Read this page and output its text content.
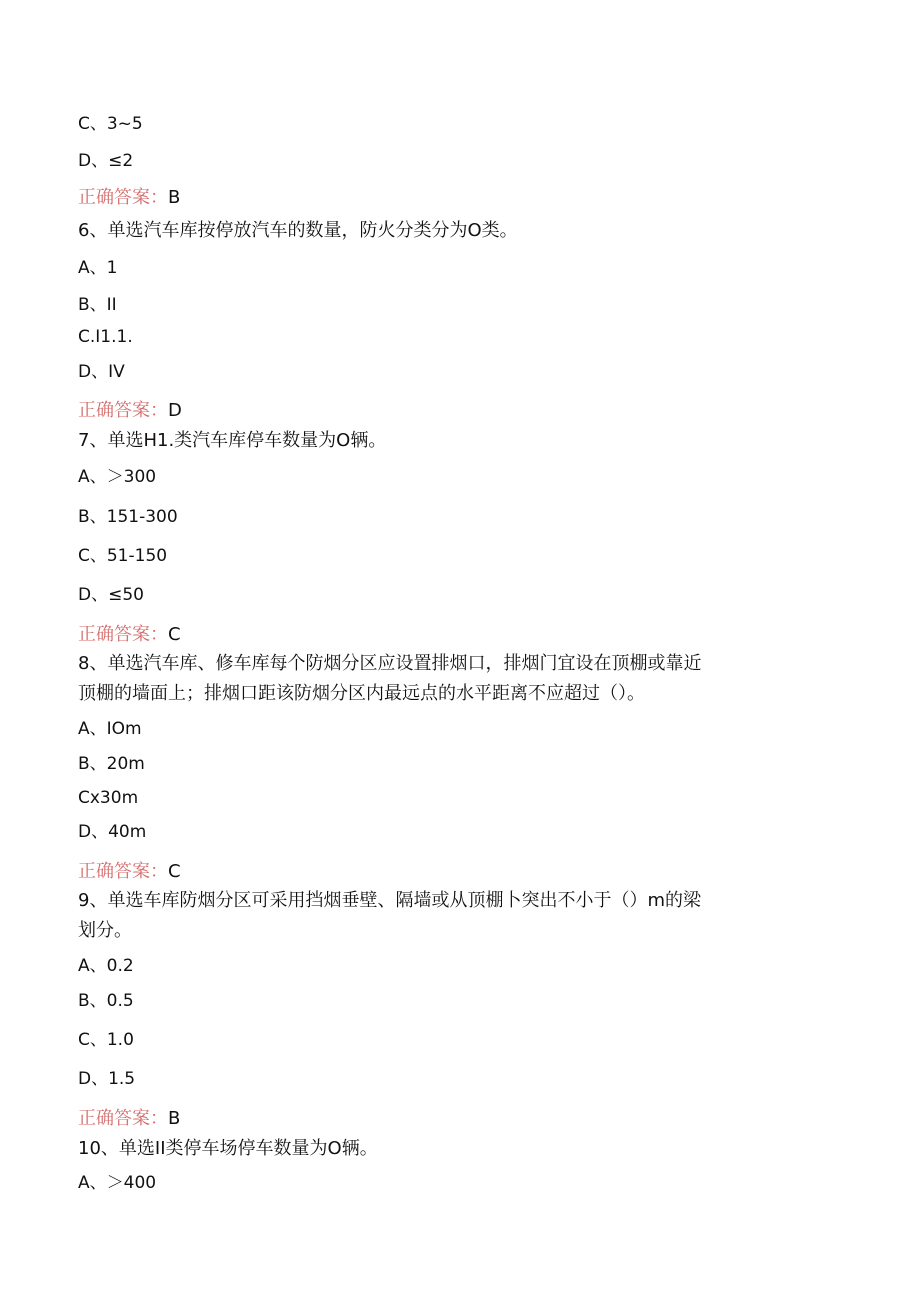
C、3~5
D、≤2
正确答案：B
6、单选汽车库按停放汽车的数量，防火分类分为O类。
A、1
B、II
C.I1.1.
D、IV
正确答案：D
7、单选H1.类汽车库停车数量为O辆。
A、＞300
B、151-300
C、51-150
D、≤50
正确答案：C
8、单选汽车库、修车库每个防烟分区应设置排烟口，排烟门宜设在顶棚或靠近
顶棚的墙面上；排烟口距该防烟分区内最远点的水平距离不应超过（）。
A、IOm
B、20m
Cx30m
D、40m
正确答案：C
9、单选车库防烟分区可采用挡烟垂壁、隔墙或从顶棚卜突出不小于（）m的梁
划分。
A、0.2
B、0.5
C、1.0
D、1.5
正确答案：B
10、单选II类停车场停车数量为O辆。
A、＞400
